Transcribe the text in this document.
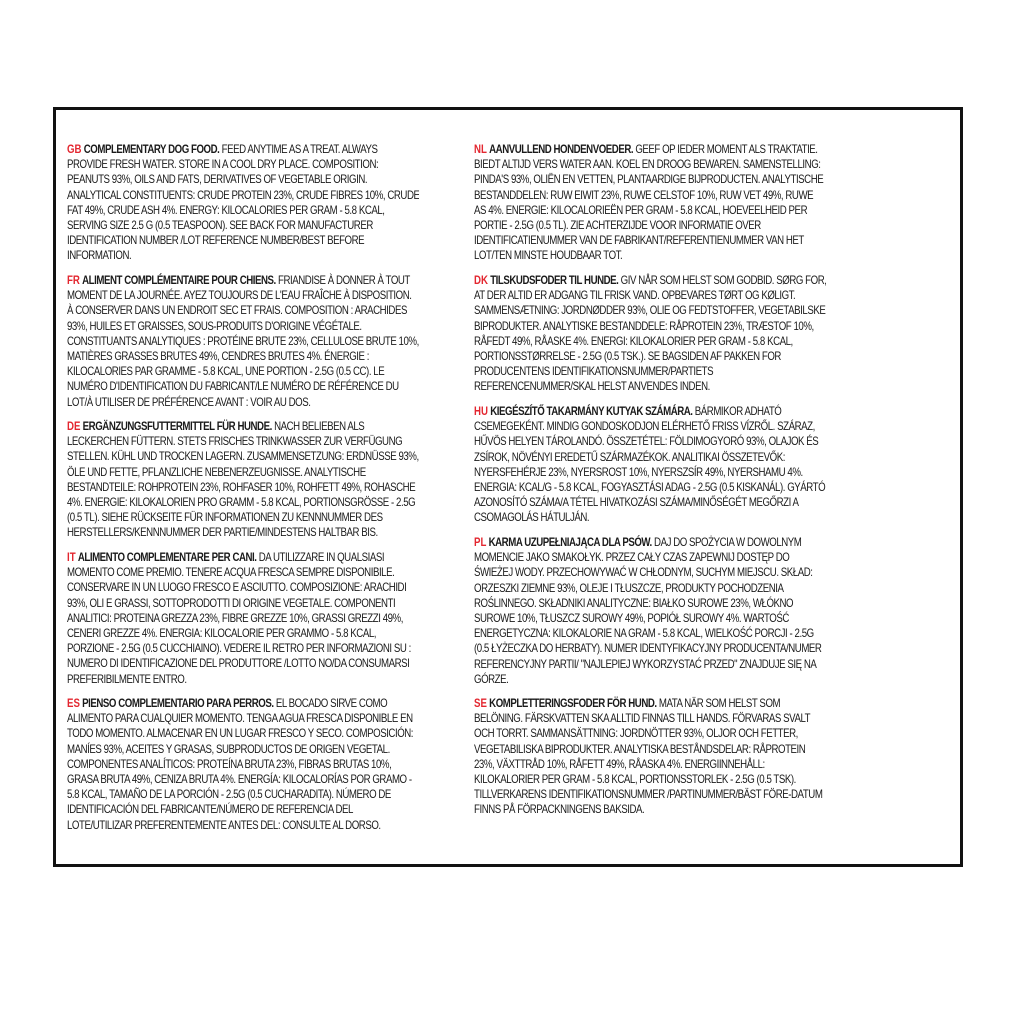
GB COMPLEMENTARY DOG FOOD. FEED ANYTIME AS A TREAT. ALWAYS PROVIDE FRESH WATER. STORE IN A COOL DRY PLACE. COMPOSITION: PEANUTS 93%, OILS AND FATS, DERIVATIVES OF VEGETABLE ORIGIN. ANALYTICAL CONSTITUENTS: CRUDE PROTEIN 23%, CRUDE FIBRES 10%, CRUDE FAT 49%, CRUDE ASH 4%. ENERGY: KILOCALORIES PER GRAM - 5.8 KCAL, SERVING SIZE 2.5 G (0.5 TEASPOON). SEE BACK FOR MANUFACTURER IDENTIFICATION NUMBER /LOT REFERENCE NUMBER/BEST BEFORE INFORMATION.

FR ALIMENT COMPLÉMENTAIRE POUR CHIENS. FRIANDISE À DONNER À TOUT MOMENT DE LA JOURNÉE. AYEZ TOUJOURS DE L'EAU FRAÎCHE À DISPOSITION. À CONSERVER DANS UN ENDROIT SEC ET FRAIS. COMPOSITION : ARACHIDES 93%, HUILES ET GRAISSES, SOUS-PRODUITS D'ORIGINE VÉGÉTALE. CONSTITUANTS ANALYTIQUES : PROTÉINE BRUTE 23%, CELLULOSE BRUTE 10%, MATIÈRES GRASSES BRUTES 49%, CENDRES BRUTES 4%. ÉNERGIE : KILOCALORIES PAR GRAMME - 5.8 KCAL, UNE PORTION - 2.5G (0.5 CC). LE NUMÉRO D'IDENTIFICATION DU FABRICANT/LE NUMÉRO DE RÉFÉRENCE DU LOT/À UTILISER DE PRÉFÉRENCE AVANT : VOIR AU DOS.

DE ERGÄNZUNGSFUTTERMITTEL FÜR HUNDE. NACH BELIEBEN ALS LECKERCHEN FÜTTERN. STETS FRISCHES TRINKWASSER ZUR VERFÜGUNG STELLEN. KÜHL UND TROCKEN LAGERN. ZUSAMMENSETZUNG: ERDNÜSSE 93%, ÖLE UND FETTE, PFLANZLICHE NEBENERZEUGNISSE. ANALYTISCHE BESTANDTEILE: ROHPROTEIN 23%, ROHFASER 10%, ROHFETT 49%, ROHASCHE 4%. ENERGIE: KILOKALORIEN PRO GRAMM - 5.8 KCAL, PORTIONSGRÖSSE - 2.5G (0.5 TL). SIEHE RÜCKSEITE FÜR INFORMATIONEN ZU KENNNUMMER DES HERSTELLERS/KENNNUMMER DER PARTIE/MINDESTENS HALTBAR BIS.

IT ALIMENTO COMPLEMENTARE PER CANI. DA UTILIZZARE IN QUALSIASI MOMENTO COME PREMIO. TENERE ACQUA FRESCA SEMPRE DISPONIBILE. CONSERVARE IN UN LUOGO FRESCO E ASCIUTTO. COMPOSIZIONE: ARACHIDI 93%, OLI E GRASSI, SOTTOPRODOTTI DI ORIGINE VEGETALE. COMPONENTI ANALITICI: PROTEINA GREZZA 23%, FIBRE GREZZE 10%, GRASSI GREZZI 49%, CENERI GREZZE 4%. ENERGIA: KILOCALORIE PER GRAMMO - 5.8 KCAL, PORZIONE - 2.5G (0.5 CUCCHIAINO). VEDERE IL RETRO PER INFORMAZIONI SU : NUMERO DI IDENTIFICAZIONE DEL PRODUTTORE /LOTTO NO/DA CONSUMARSI PREFERIBILMENTE ENTRO.

ES PIENSO COMPLEMENTARIO PARA PERROS. EL BOCADO SIRVE COMO ALIMENTO PARA CUALQUIER MOMENTO. TENGA AGUA FRESCA DISPONIBLE EN TODO MOMENTO. ALMACENAR EN UN LUGAR FRESCO Y SECO. COMPOSICIÓN: MANÍES 93%, ACEITES Y GRASAS, SUBPRODUCTOS DE ORIGEN VEGETAL. COMPONENTES ANALÍTICOS: PROTEÍNA BRUTA 23%, FIBRAS BRUTAS 10%, GRASA BRUTA 49%, CENIZA BRUTA 4%. ENERGÍA: KILOCALORÍAS POR GRAMO - 5.8 KCAL, TAMAÑO DE LA PORCIÓN - 2.5G (0.5 CUCHARADITA). NÚMERO DE IDENTIFICACIÓN DEL FABRICANTE/NÚMERO DE REFERENCIA DEL LOTE/UTILIZAR PREFERENTEMENTE ANTES DEL: CONSULTE AL DORSO.

NL AANVULLEND HONDENVOEDER. GEEF OP IEDER MOMENT ALS TRAKTATIE. BIEDT ALTIJD VERS WATER AAN. KOEL EN DROOG BEWAREN. SAMENSTELLING: PINDA'S 93%, OLIËN EN VETTEN, PLANTAARDIGE BIJPRODUCTEN. ANALYTISCHE BESTANDDELEN: RUW EIWIT 23%, RUWE CELSTOF 10%, RUW VET 49%, RUWE AS 4%. ENERGIE: KILOCALORIEËN PER GRAM - 5.8 KCAL, HOEVEELHEID PER PORTIE - 2.5G (0.5 TL). ZIE ACHTERZIJDE VOOR INFORMATIE OVER IDENTIFICATIENUMMER VAN DE FABRIKANT/REFERENTIENUMMER VAN HET LOT/TEN MINSTE HOUDBAAR TOT.

DK TILSKUDSFODER TIL HUNDE. GIV NÅR SOM HELST SOM GODBID. SØRG FOR, AT DER ALTID ER ADGANG TIL FRISK VAND. OPBEVARES TØRT OG KØLIGT. SAMMENSÆTNING: JORDNØDDER 93%, OLIE OG FEDTSTOFFER, VEGETABILSKE BIPRODUKTER. ANALYTISKE BESTANDDELE: RÅPROTEIN 23%, TRÆSTOF 10%, RÅFEDT 49%, RÅASKE 4%. ENERGI: KILOKALORIER PER GRAM - 5.8 KCAL, PORTIONSSTØRRELSE - 2.5G (0.5 TSK.). SE BAGSIDEN AF PAKKEN FOR PRODUCENTENS IDENTIFIKATIONSNUMMER/PARTIETS REFERENCENUMMER/SKAL HELST ANVENDES INDEN.

HU KIEGÉSZÍTŐ TAKARMÁNY KUTYAK SZÁMÁRA. BÁRMIKOR ADHATÓ CSEMEGEKÉNT. MINDIG GONDOSKODJON ELÉRHETŐ FRISS VÍZRŐL. SZÁRAZ, HŰVÖS HELYEN TÁROLANDÓ. ÖSSZETÉTEL: FÖLDIMOGYORÓ 93%, OLAJOK ÉS ZSÍROK, NÖVÉNYI EREDETŰ SZÁRMAZÉKOK. ANALITIKAI ÖSSZETEVŐK: NYERSFEHÉRJE 23%, NYERSROST 10%, NYERSZSÍR 49%, NYERSHAMU 4%. ENERGIA: KCAL/G - 5.8 KCAL, FOGYASZTÁSI ADAG - 2.5G (0.5 KISKANÁL). GYÁRTÓ AZONOSÍTÓ SZÁMA/A TÉTEL HIVATKOZÁSI SZÁMA/MINŐSÉGÉT MEGŐRZI A CSOMAGOLÁS HÁTULJÁN.

PL KARMA UZUPEŁNIAJĄCA DLA PSÓW. DAJ DO SPOŻYCIA W DOWOLNYM MOMENCIE JAKO SMAKOŁYK. PRZEZ CAŁY CZAS ZAPEWNIJ DOSTĘP DO ŚWIEŻEJ WODY. PRZECHOWYWAĆ W CHŁODNYM, SUCHYM MIEJSCU. SKŁAD: ORZESZKI ZIEMNE 93%, OLEJE I TŁUSZCZE, PRODUKTY POCHODZENIA ROŚLINNEGO. SKŁADNIKI ANALITYCZNE: BIAŁKO SUROWE 23%, WŁÓKNO SUROWE 10%, TŁUSZCZ SUROWY 49%, POPIÓŁ SUROWY 4%. WARTOŚĆ ENERGETYCZNA: KILOKALORIE NA GRAM - 5.8 KCAL, WIELKOŚĆ PORCJI - 2.5G (0.5 ŁYŻECZKA DO HERBATY). NUMER IDENTYFIKACYJNY PRODUCENTA/NUMER REFERENCYJNY PARTII/ "NAJLEPIEJ WYKORZYSTAĆ PRZED" ZNAJDUJE SIĘ NA GÓRZE.

SE KOMPLETTERINGSFODER FÖR HUND. MATA NÄR SOM HELST SOM BELÖNING. FÄRSKVATTEN SKA ALLTID FINNAS TILL HANDS. FÖRVARAS SVALT OCH TORRT. SAMMANSÄTTNING: JORDNÖTTER 93%, OLJOR OCH FETTER, VEGETABILISKA BIPRODUKTER. ANALYTISKA BESTÅNDSDELAR: RÅPROTEIN 23%, VÄXTTRÅD 10%, RÅFETT 49%, RÅASKA 4%. ENERGIINNEHÅLL: KILOKALORIER PER GRAM - 5.8 KCAL, PORTIONSSTORLEK - 2.5G (0.5 TSK). TILLVERKARENS IDENTIFIKATIONSNUMMER /PARTINUMMER/BÄST FÖRE-DATUM FINNS PÅ FÖRPACKNINGENS BAKSIDA.
